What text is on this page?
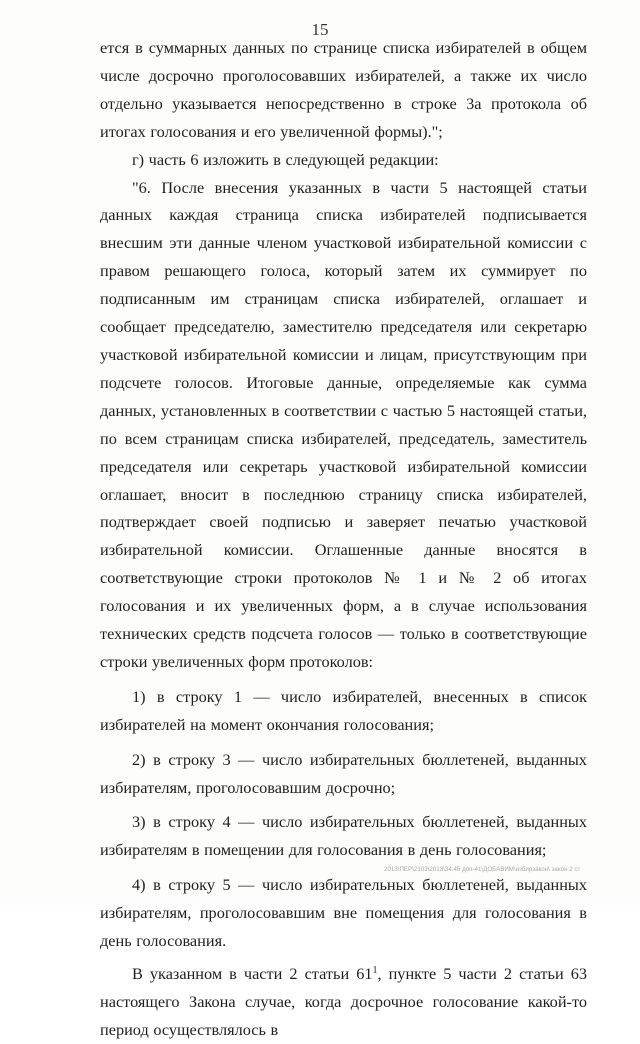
15

ется в суммарных данных по странице списка избирателей в общем числе досрочно проголосовавших избирателей, а также их число отдельно указывается непосредственно в строке 3а протокола об итогах голосования и его увеличенной формы).";

г) часть 6 изложить в следующей редакции:

"6. После внесения указанных в части 5 настоящей статьи данных каждая страница списка избирателей подписывается внесшим эти данные членом участковой избирательной комиссии с правом решающего голоса, который затем их суммирует по подписанным им страницам списка избирателей, оглашает и сообщает председателю, заместителю председателя или секретарю участковой избирательной комиссии и лицам, присутствующим при подсчете голосов. Итоговые данные, определяемые как сумма данных, установленных в соответствии с частью 5 настоящей статьи, по всем страницам списка избирателей, председатель, заместитель председателя или секретарь участковой избирательной комиссии оглашает, вносит в последнюю страницу списка избирателей, подтверждает своей подписью и заверяет печатью участковой избирательной комиссии. Оглашенные данные вносятся в соответствующие строки протоколов № 1 и № 2 об итогах голосования и их увеличенных форм, а в случае использования технических средств подсчета голосов — только в соответствующие строки увеличенных форм протоколов:

1) в строку 1 — число избирателей, внесенных в список избирателей на момент окончания голосования;

2) в строку 3 — число избирательных бюллетеней, выданных избирателям, проголосовавшим досрочно;

3) в строку 4 — число избирательных бюллетеней, выданных избирателям в помещении для голосования в день голосования;

4) в строку 5 — число избирательных бюллетеней, выданных избирателям, проголосовавшим вне помещения для голосования в день голосования.

В указанном в части 2 статьи $61^1$, пункте 5 части 2 статьи 63 настоящего Закона случае, когда досрочное голосование какой-то период осуществлялось в

2013\ПЕР\2103\2013\34.45 доп-41\ДОБАВИМ\избирзакон\ закон 2 ст
